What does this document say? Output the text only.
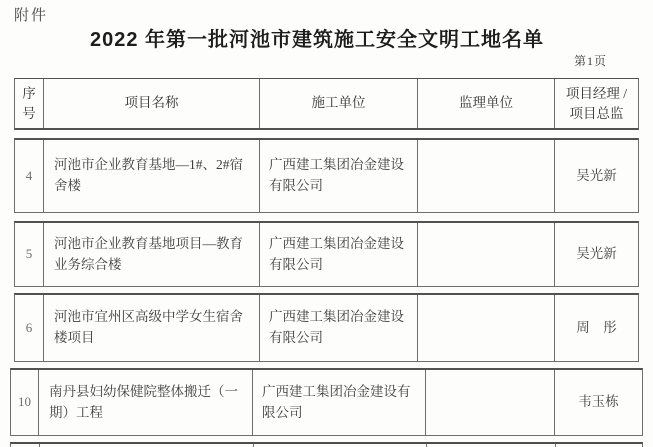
附件
2022 年第一批河池市建筑施工安全文明工地名单
第1页
序
号
项目名称	施工单位	监理单位
项目经理 /
项目总监
4
河池市企业教育基地—1#、2#宿舍楼
广西建工集团冶金建设有限公司
吴光新
5
河池市企业教育基地项目—教育业务综合楼
广西建工集团冶金建设有限公司
吴光新
6
河池市宜州区高级中学女生宿舍楼项目
广西建工集团冶金建设有限公司
周　彤
10
南丹县妇幼保健院整体搬迁（一期）工程
广西建工集团冶金建设有限公司
韦玉栋
